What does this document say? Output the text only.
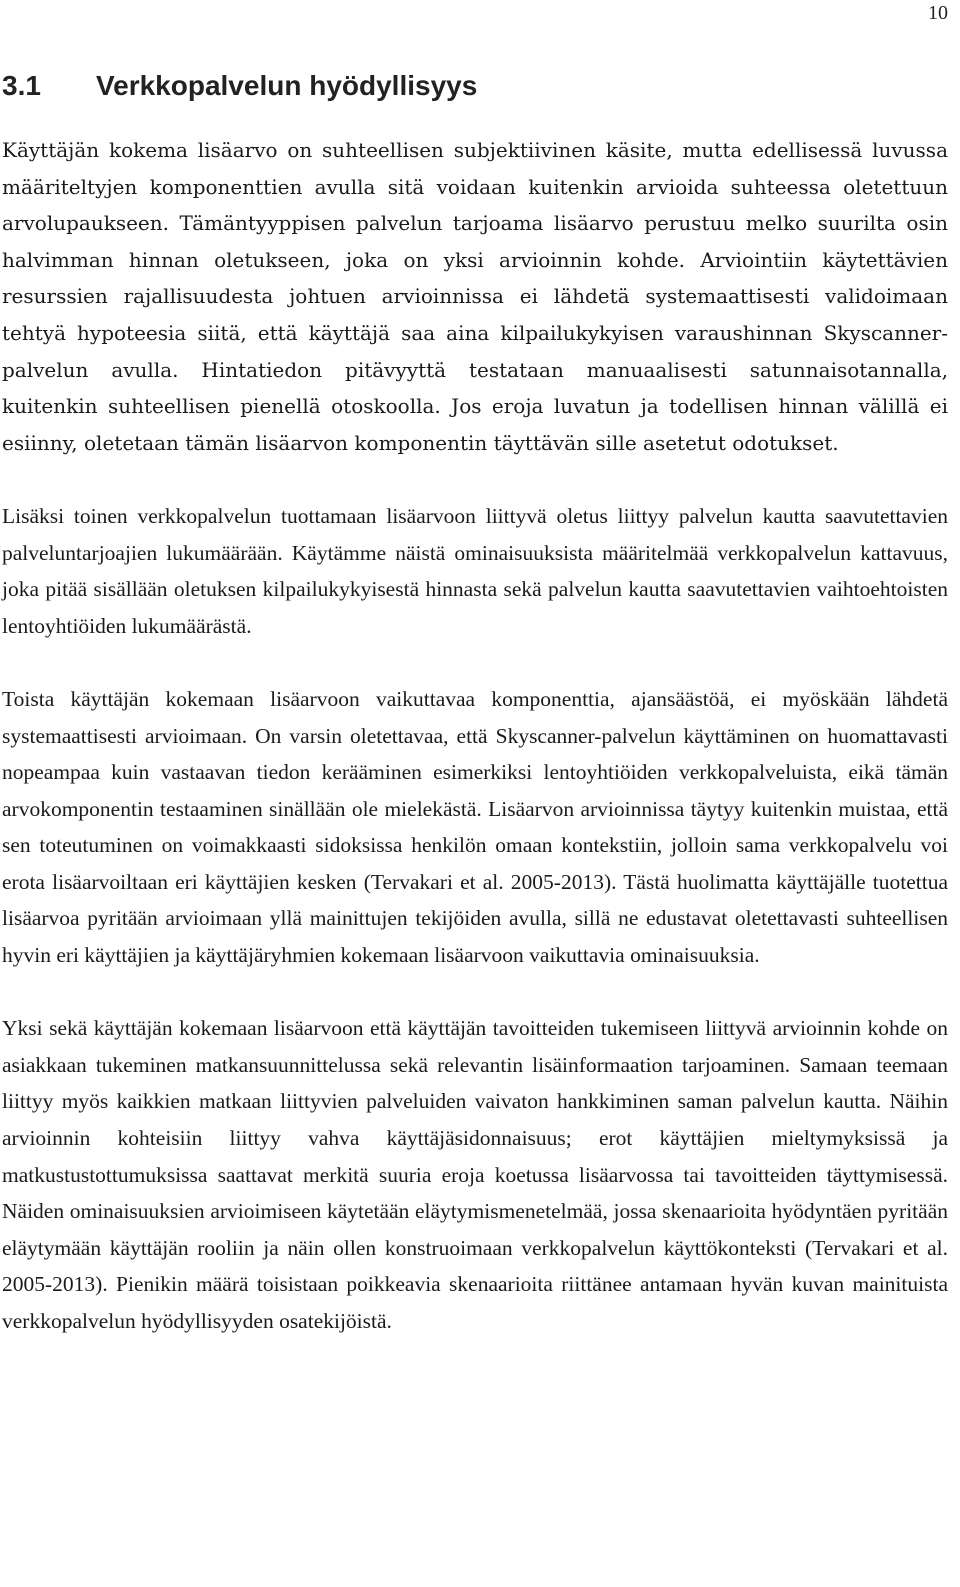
10
3.1 Verkkopalvelun hyödyllisyys

Käyttäjän kokema lisäarvo on suhteellisen subjektiivinen käsite, mutta edellisessä luvussa määriteltyjen komponenttien avulla sitä voidaan kuitenkin arvioida suhteessa oletettuun arvolupaukseen. Tämäntyyppisen palvelun tarjoama lisäarvo perustuu melko suurilta osin halvimman hinnan oletukseen, joka on yksi arvioinnin kohde. Arviointiin käytettävien resurssien rajallisuudesta johtuen arvioinnissa ei lähdetä systemaattisesti validoimaan tehtyä hypoteesia siitä, että käyttäjä saa aina kilpailukykyisen varaushinnan Skyscanner-palvelun avulla. Hintatiedon pitävyyttä testataan manuaalisesti satunnaisotannalla, kuitenkin suhteellisen pienellä otoskoolla. Jos eroja luvatun ja todellisen hinnan välillä ei esiinny, oletetaan tämän lisäarvon komponentin täyttävän sille asetetut odotukset.

Lisäksi toinen verkkopalvelun tuottamaan lisäarvoon liittyvä oletus liittyy palvelun kautta saavutettavien palveluntarjoajien lukumäärään. Käytämme näistä ominaisuuksista määritelmää verkkopalvelun kattavuus, joka pitää sisällään oletuksen kilpailukykyisestä hinnasta sekä palvelun kautta saavutettavien vaihtoehtoisten lentoyhtiöiden lukumäärästä.

Toista käyttäjän kokemaan lisäarvoon vaikuttavaa komponenttia, ajansäästöä, ei myöskään lähdetä systemaattisesti arvioimaan. On varsin oletettavaa, että Skyscanner-palvelun käyttäminen on huomattavasti nopeampaa kuin vastaavan tiedon kerääminen esimerkiksi lentoyhtiöiden verkkopalveluista, eikä tämän arvokomponentin testaaminen sinällään ole mielekästä. Lisäarvon arvioinnissa täytyy kuitenkin muistaa, että sen toteutuminen on voimakkaasti sidoksissa henkilön omaan kontekstiin, jolloin sama verkkopalvelu voi erota lisäarvoiltaan eri käyttäjien kesken (Tervakari et al. 2005-2013). Tästä huolimatta käyttäjälle tuotettua lisäarvoa pyritään arvioimaan yllä mainittujen tekijöiden avulla, sillä ne edustavat oletettavasti suhteellisen hyvin eri käyttäjien ja käyttäjäryhmien kokemaan lisäarvoon vaikuttavia ominaisuuksia.

Yksi sekä käyttäjän kokemaan lisäarvoon että käyttäjän tavoitteiden tukemiseen liittyvä arvioinnin kohde on asiakkaan tukeminen matkansuunnittelussa sekä relevantin lisäinformaation tarjoaminen. Samaan teemaan liittyy myös kaikkien matkaan liittyvien palveluiden vaivaton hankkiminen saman palvelun kautta. Näihin arvioinnin kohteisiin liittyy vahva käyttäjäsidonnaisuus; erot käyttäjien mieltymyksissä ja matkustustottumuksissa saattavat merkitä suuria eroja koetussa lisäarvossa tai tavoitteiden täyttymisessä. Näiden ominaisuuksien arvioimiseen käytetään eläytymismenetelmää, jossa skenaarioita hyödyntäen pyritään eläytymään käyttäjän rooliin ja näin ollen konstruoimaan verkkopalvelun käyttökonteksti (Tervakari et al. 2005-2013). Pienikin määrä toisistaan poikkeavia skenaarioita riittänee antamaan hyvän kuvan mainituista verkkopalvelun hyödyllisyyden osatekijöistä.
